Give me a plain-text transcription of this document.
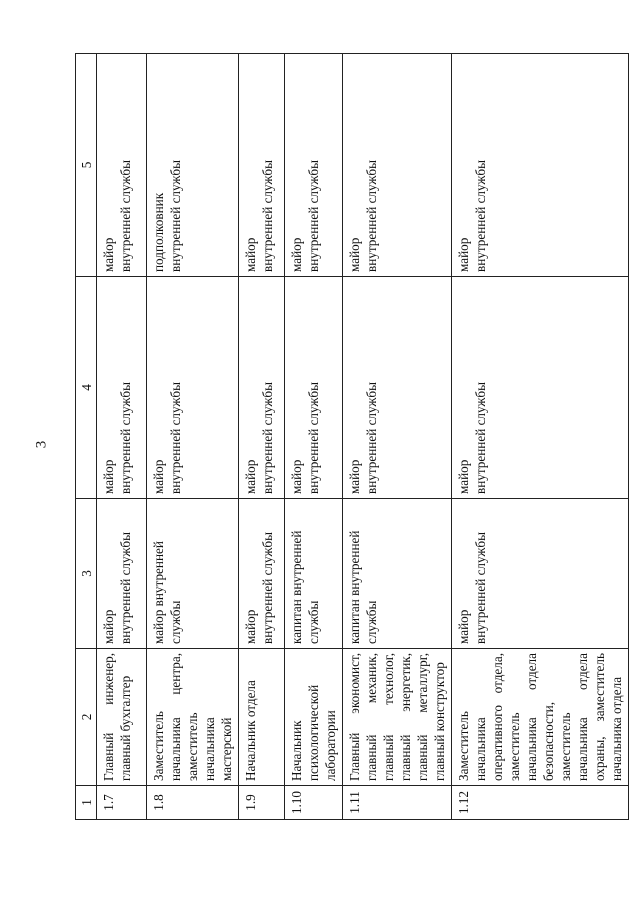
3
1	2	3	4	5
1.7	Главный инженер, главный бухгалтер	майор внутренней службы	майор внутренней службы	майор внутренней службы

1.8	Заместитель начальника центра, заместитель начальника мастерской	майор внутренней службы	майор внутренней службы	подполковник внутренней службы

1.9	Начальник отдела	майор внутренней службы	майор внутренней службы	майор внутренней службы

1.10	Начальник психологической лаборатории	капитан внутренней службы	майор внутренней службы	майор внутренней службы

1.11	Главный экономист, главный механик, главный технолог, главный энергетик, главный металлург, главный конструктор	капитан внутренней службы	майор внутренней службы	майор внутренней службы

1.12	Заместитель начальника оперативного отдела, заместитель начальника отдела безопасности, заместитель начальника отдела охраны, заместитель начальника отдела	майор внутренней службы	майор внутренней службы	майор внутренней службы
